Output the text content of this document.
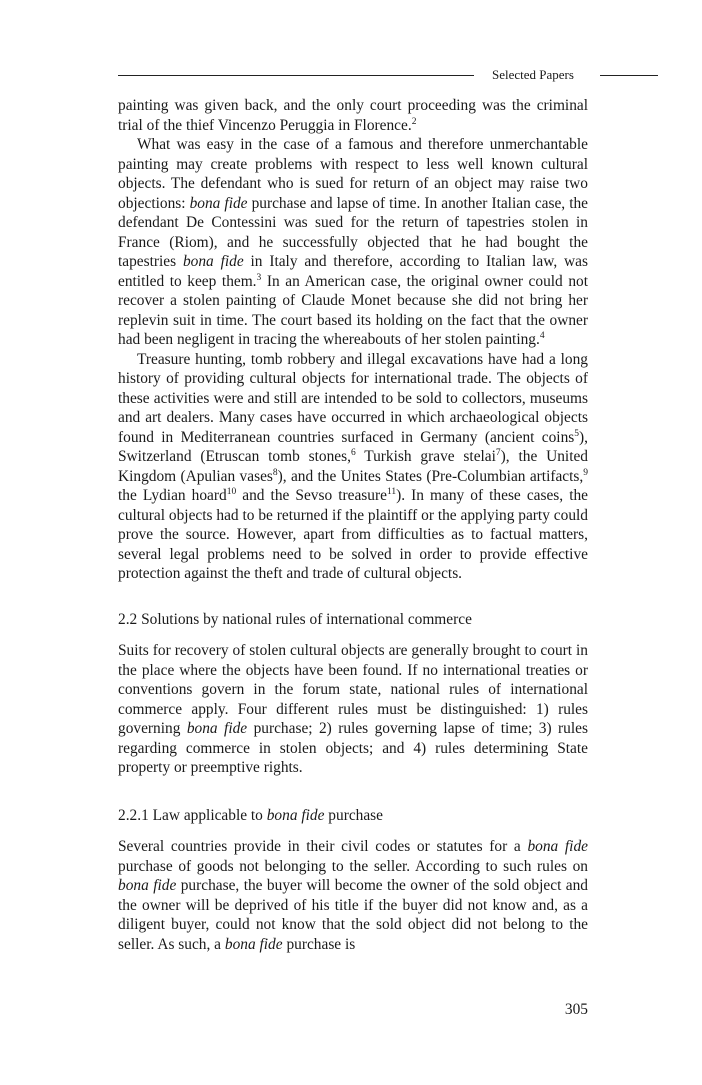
Selected Papers

painting was given back, and the only court proceeding was the criminal trial of the thief Vincenzo Peruggia in Florence.$^2$

What was easy in the case of a famous and therefore unmerchantable painting may create problems with respect to less well known cultural objects. The defendant who is sued for return of an object may raise two objections: bona fide purchase and lapse of time. In another Italian case, the defendant De Contessini was sued for the return of tapestries stolen in France (Riom), and he successfully objected that he had bought the tapestries bona fide in Italy and therefore, according to Italian law, was entitled to keep them.$^3$ In an American case, the original owner could not recover a stolen painting of Claude Monet because she did not bring her replevin suit in time. The court based its holding on the fact that the owner had been negligent in tracing the whereabouts of her stolen painting.$^4$

Treasure hunting, tomb robbery and illegal excavations have had a long history of providing cultural objects for international trade. The objects of these activities were and still are intended to be sold to collectors, museums and art dealers. Many cases have occurred in which archaeological objects found in Mediterranean countries surfaced in Germany (ancient coins$^5$), Switzerland (Etruscan tomb stones,$^6$ Turkish grave stelai$^7$), the United Kingdom (Apulian vases$^8$), and the Unites States (Pre-Columbian artifacts,$^9$ the Lydian hoard$^{10}$ and the Sevso treasure$^{11}$). In many of these cases, the cultural objects had to be returned if the plaintiff or the applying party could prove the source. However, apart from difficulties as to factual matters, several legal problems need to be solved in order to provide effective protection against the theft and trade of cultural objects.

2.2 Solutions by national rules of international commerce

Suits for recovery of stolen cultural objects are generally brought to court in the place where the objects have been found. If no international treaties or conventions govern in the forum state, national rules of international commerce apply. Four different rules must be distinguished: 1) rules governing bona fide purchase; 2) rules governing lapse of time; 3) rules regarding commerce in stolen objects; and 4) rules determining State property or preemptive rights.

2.2.1 Law applicable to bona fide purchase

Several countries provide in their civil codes or statutes for a bona fide purchase of goods not belonging to the seller. According to such rules on bona fide purchase, the buyer will become the owner of the sold object and the owner will be deprived of his title if the buyer did not know and, as a diligent buyer, could not know that the sold object did not belong to the seller. As such, a bona fide purchase is

305
